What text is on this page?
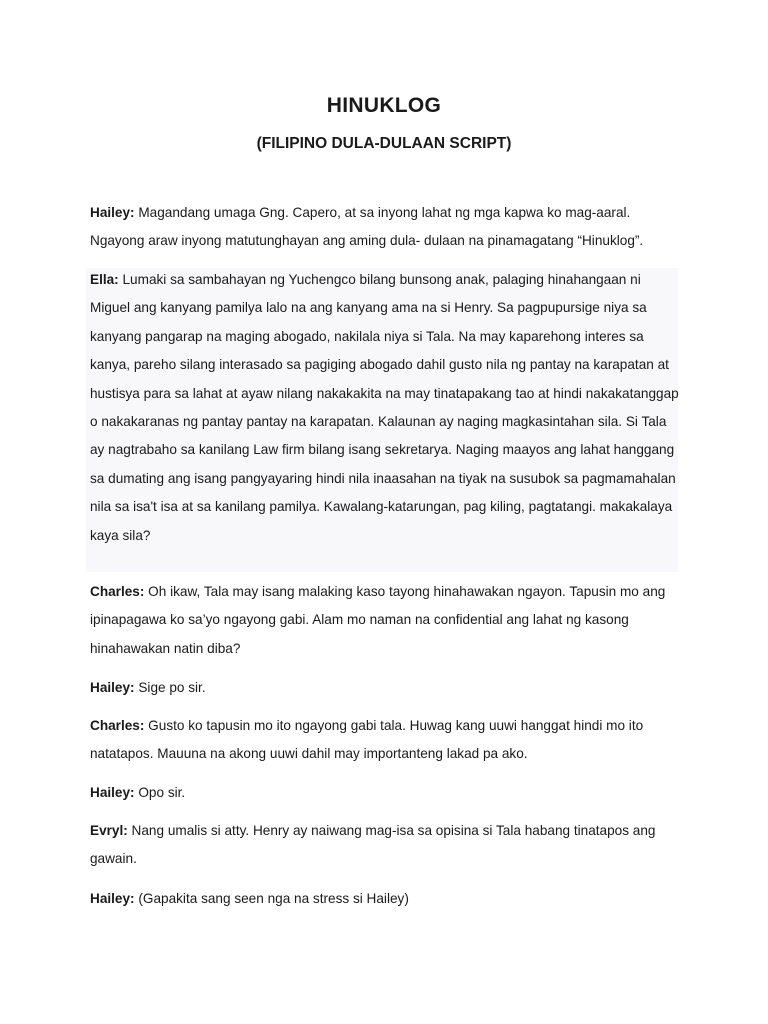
HINUKLOG
(FILIPINO DULA-DULAAN SCRIPT)

Hailey: Magandang umaga Gng. Capero, at sa inyong lahat ng mga kapwa ko mag-aaral. Ngayong araw inyong matutunghayan ang aming dula- dulaan na pinamagatang “Hinuklog”.

Ella: Lumaki sa sambahayan ng Yuchengco bilang bunsong anak, palaging hinahangaan ni Miguel ang kanyang pamilya lalo na ang kanyang ama na si Henry. Sa pagpupursige niya sa kanyang pangarap na maging abogado, nakilala niya si Tala. Na may kaparehong interes sa kanya, pareho silang interasado sa pagiging abogado dahil gusto nila ng pantay na karapatan at hustisya para sa lahat at ayaw nilang nakakakita na may tinatapakang tao at hindi nakakatanggap o nakakaranas ng pantay pantay na karapatan. Kalaunan ay naging magkasintahan sila. Si Tala ay nagtrabaho sa kanilang Law firm bilang isang sekretarya. Naging maayos ang lahat hanggang sa dumating ang isang pangyayaring hindi nila inaasahan na tiyak na susubok sa pagmamahalan nila sa isa't isa at sa kanilang pamilya. Kawalang-katarungan, pag kiling, pagtatangi. makakalaya kaya sila?

Charles: Oh ikaw, Tala may isang malaking kaso tayong hinahawakan ngayon. Tapusin mo ang ipinapagawa ko sa’yo ngayong gabi. Alam mo naman na confidential ang lahat ng kasong hinahawakan natin diba?

Hailey: Sige po sir.

Charles: Gusto ko tapusin mo ito ngayong gabi tala. Huwag kang uuwi hanggat hindi mo ito natatapos. Mauuna na akong uuwi dahil may importanteng lakad pa ako.

Hailey: Opo sir.

Evryl: Nang umalis si atty. Henry ay naiwang mag-isa sa opisina si Tala habang tinatapos ang gawain.

Hailey: (Gapakita sang seen nga na stress si Hailey)
